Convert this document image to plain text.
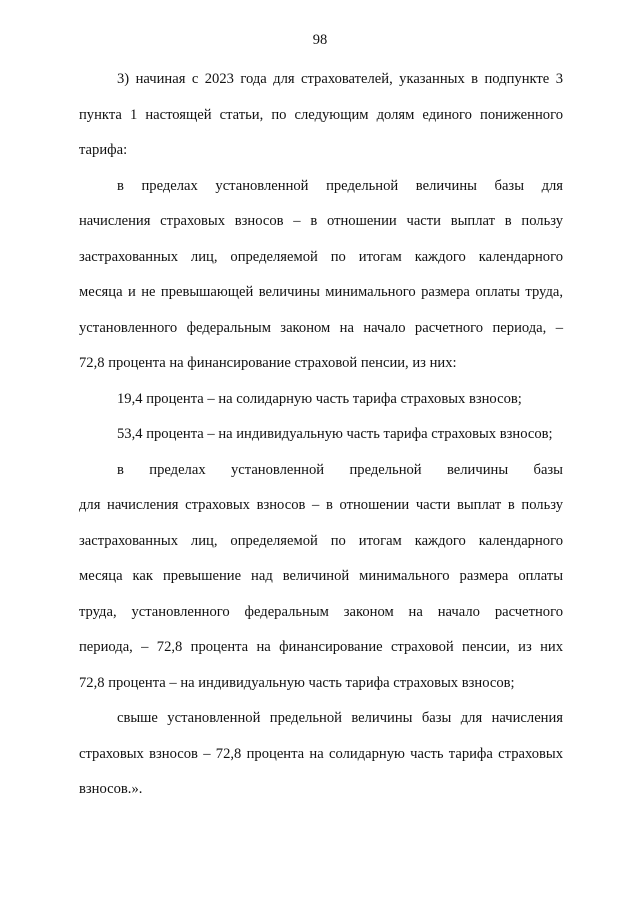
98
3) начиная с 2023 года для страхователей, указанных в подпункте 3
пункта 1 настоящей статьи, по следующим долям единого пониженного
тарифа:
в пределах установленной предельной величины базы для
начисления страховых взносов – в отношении части выплат в пользу
застрахованных лиц, определяемой по итогам каждого календарного
месяца и не превышающей величины минимального размера оплаты труда,
установленного федеральным законом на начало расчетного периода, –
72,8 процента на финансирование страховой пенсии, из них:
19,4 процента – на солидарную часть тарифа страховых взносов;
53,4 процента – на индивидуальную часть тарифа страховых взносов;
в пределах установленной предельной величины базы
для начисления страховых взносов – в отношении части выплат в пользу
застрахованных лиц, определяемой по итогам каждого календарного
месяца как превышение над величиной минимального размера оплаты
труда, установленного федеральным законом на начало расчетного
периода, – 72,8 процента на финансирование страховой пенсии, из них
72,8 процента – на индивидуальную часть тарифа страховых взносов;
свыше установленной предельной величины базы для начисления
страховых взносов – 72,8 процента на солидарную часть тарифа страховых
взносов.».
